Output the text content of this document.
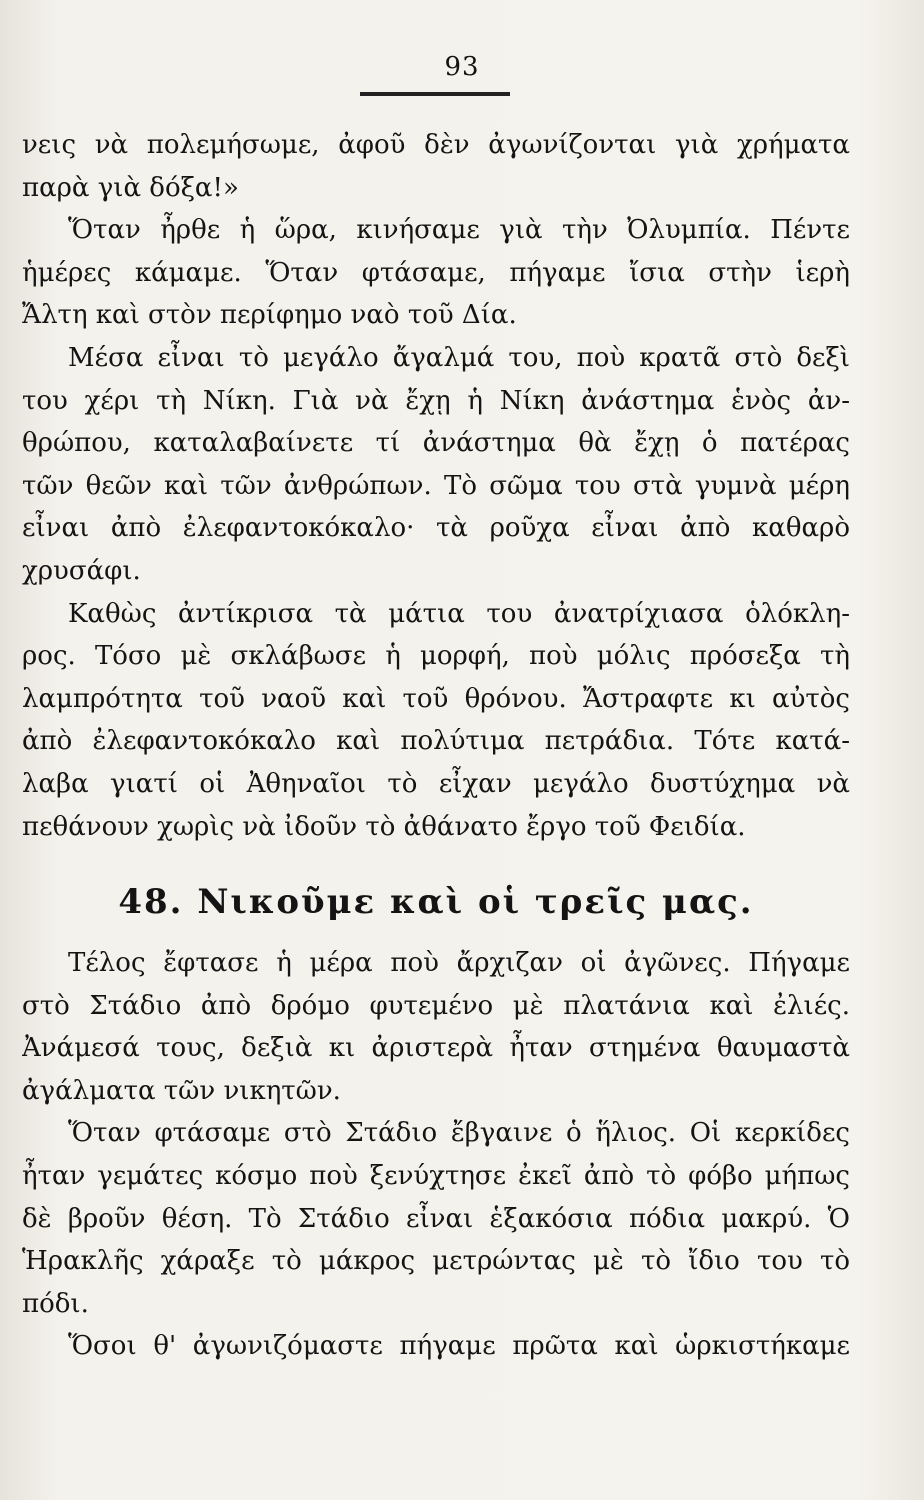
93
νεις νὰ πολεμήσωμε, ἀφοῦ δὲν ἀγωνίζονται γιὰ χρήματα
παρὰ γιὰ δόξα!»
Ὅταν ἦρθε ἡ ὥρα, κινήσαμε γιὰ τὴν Ὀλυμπία. Πέντε
ἡμέρες κάμαμε. Ὅταν φτάσαμε, πήγαμε ἴσια στὴν ἱερὴ
Ἄλτη καὶ στὸν περίφημο ναὸ τοῦ Δία.
Μέσα εἶναι τὸ μεγάλο ἄγαλμά του, ποὺ κρατᾶ στὸ δεξὶ
του χέρι τὴ Νίκη. Γιὰ νὰ ἔχῃ ἡ Νίκη ἀνάστημα ἑνὸς ἀν-
θρώπου, καταλαβαίνετε τί ἀνάστημα θὰ ἔχῃ ὁ πατέρας
τῶν θεῶν καὶ τῶν ἀνθρώπων. Τὸ σῶμα του στὰ γυμνὰ μέρη
εἶναι ἀπὸ ἐλεφαντοκόκαλο· τὰ ροῦχα εἶναι ἀπὸ καθαρὸ
χρυσάφι.
Καθὼς ἀντίκρισα τὰ μάτια του ἀνατρίχιασα ὁλόκλη-
ρος. Τόσο μὲ σκλάβωσε ἡ μορφή, ποὺ μόλις πρόσεξα τὴ
λαμπρότητα τοῦ ναοῦ καὶ τοῦ θρόνου. Ἄστραφτε κι αὐτὸς
ἀπὸ ἐλεφαντοκόκαλο καὶ πολύτιμα πετράδια. Τότε κατά-
λαβα γιατί οἱ Ἀθηναῖοι τὸ εἶχαν μεγάλο δυστύχημα νὰ
πεθάνουν χωρὶς νὰ ἰδοῦν τὸ ἀθάνατο ἔργο τοῦ Φειδία.
48. Νικοῦμε καὶ οἱ τρεῖς μας.
Τέλος ἔφτασε ἡ μέρα ποὺ ἄρχιζαν οἱ ἀγῶνες. Πήγαμε
στὸ Στάδιο ἀπὸ δρόμο φυτεμένο μὲ πλατάνια καὶ ἐλιές.
Ἀνάμεσά τους, δεξιὰ κι ἀριστερὰ ἦταν στημένα θαυμαστὰ
ἀγάλματα τῶν νικητῶν.
Ὅταν φτάσαμε στὸ Στάδιο ἔβγαινε ὁ ἥλιος. Οἱ κερκίδες
ἦταν γεμάτες κόσμο ποὺ ξενύχτησε ἐκεῖ ἀπὸ τὸ φόβο μήπως
δὲ βροῦν θέση. Τὸ Στάδιο εἶναι ἑξακόσια πόδια μακρύ. Ὁ
Ἡρακλῆς χάραξε τὸ μάκρος μετρώντας μὲ τὸ ἴδιο του τὸ
πόδι.
Ὅσοι θ' ἀγωνιζόμαστε πήγαμε πρῶτα καὶ ὡρκιστήκαμε
